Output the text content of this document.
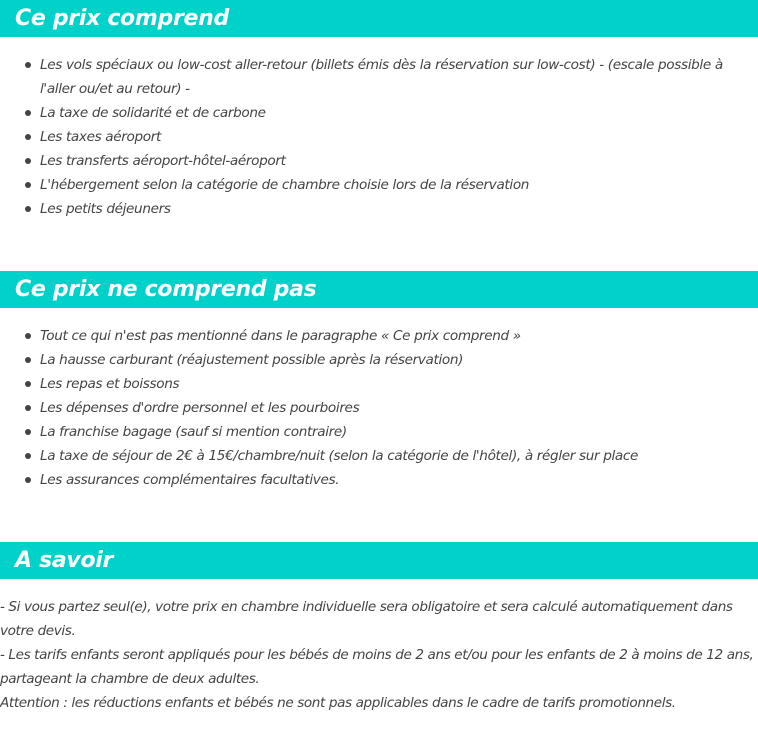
Ce prix comprend
Les vols spéciaux ou low-cost aller-retour (billets émis dès la réservation sur low-cost) - (escale possible à l'aller ou/et au retour) -
La taxe de solidarité et de carbone
Les taxes aéroport
Les transferts aéroport-hôtel-aéroport
L'hébergement selon la catégorie de chambre choisie lors de la réservation
Les petits déjeuners
Ce prix ne comprend pas
Tout ce qui n'est pas mentionné dans le paragraphe « Ce prix comprend »
La hausse carburant (réajustement possible après la réservation)
Les repas et boissons
Les dépenses d'ordre personnel et les pourboires
La franchise bagage (sauf si mention contraire)
La taxe de séjour de 2€ à 15€/chambre/nuit (selon la catégorie de l'hôtel), à régler sur place
Les assurances complémentaires facultatives.
A savoir

- Si vous partez seul(e), votre prix en chambre individuelle sera obligatoire et sera calculé automatiquement dans votre devis.

- Les tarifs enfants seront appliqués pour les bébés de moins de 2 ans et/ou pour les enfants de 2 à moins de 12 ans, partageant la chambre de deux adultes.

Attention : les réductions enfants et bébés ne sont pas applicables dans le cadre de tarifs promotionnels.
